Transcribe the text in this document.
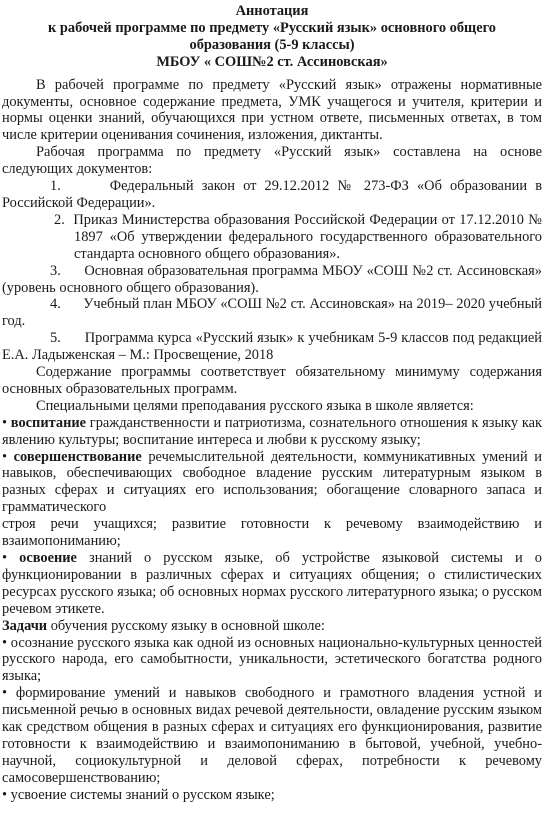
Аннотация
к рабочей программе по предмету «Русский язык» основного общего
образования (5-9 классы)
МБОУ « СОШ№2 ст. Ассиновская»

В рабочей программе по предмету «Русский язык» отражены нормативные документы, основное содержание предмета, УМК учащегося и учителя, критерии и нормы оценки знаний, обучающихся при устном ответе, письменных ответах, в том числе критерии оценивания сочинения, изложения, диктанты.

Рабочая программа по предмету «Русский язык» составлена на основе следующих документов:

1.	Федеральный закон от 29.12.2012 № 273-ФЗ «Об образовании в Российской Федерации».

2. Приказ Министерства образования Российской Федерации от 17.12.2010 № 1897 «Об утверждении федерального государственного образовательного стандарта основного общего образования».

3. Основная образовательная программа МБОУ «СОШ №2 ст. Ассиновская» (уровень основного общего образования).

4. Учебный план МБОУ «СОШ №2 ст. Ассиновская» на 2019– 2020 учебный год.

5. Программа курса «Русский язык» к учебникам 5-9 классов под редакцией Е.А. Ладыженская – М.: Просвещение, 2018

Содержание программы соответствует обязательному минимуму содержания основных образовательных программ.

Специальными целями преподавания русского языка в школе является:

• воспитание гражданственности и патриотизма, сознательного отношения к языку как явлению культуры; воспитание интереса и любви к русскому языку;

• совершенствование речемыслительной деятельности, коммуникативных умений и навыков, обеспечивающих свободное владение русским литературным языком в разных сферах и ситуациях его использования; обогащение словарного запаса и грамматического

строя речи учащихся; развитие готовности к речевому взаимодействию и взаимопониманию;

• освоение знаний о русском языке, об устройстве языковой системы и о функционировании в различных сферах и ситуациях общения; о стилистических ресурсах русского языка; об основных нормах русского литературного языка; о русском речевом этикете.

Задачи обучения русскому языку в основной школе:

• осознание русского языка как одной из основных национально-культурных ценностей русского народа, его самобытности, уникальности, эстетического богатства родного языка;

• формирование умений и навыков свободного и грамотного владения устной и письменной речью в основных видах речевой деятельности, овладение русским языком как средством общения в разных сферах и ситуациях его функционирования, развитие готовности к взаимодействию и взаимопониманию в бытовой, учебной, учебно-научной, социокультурной и деловой сферах, потребности к речевому самосовершенствованию;

• усвоение системы знаний о русском языке;
